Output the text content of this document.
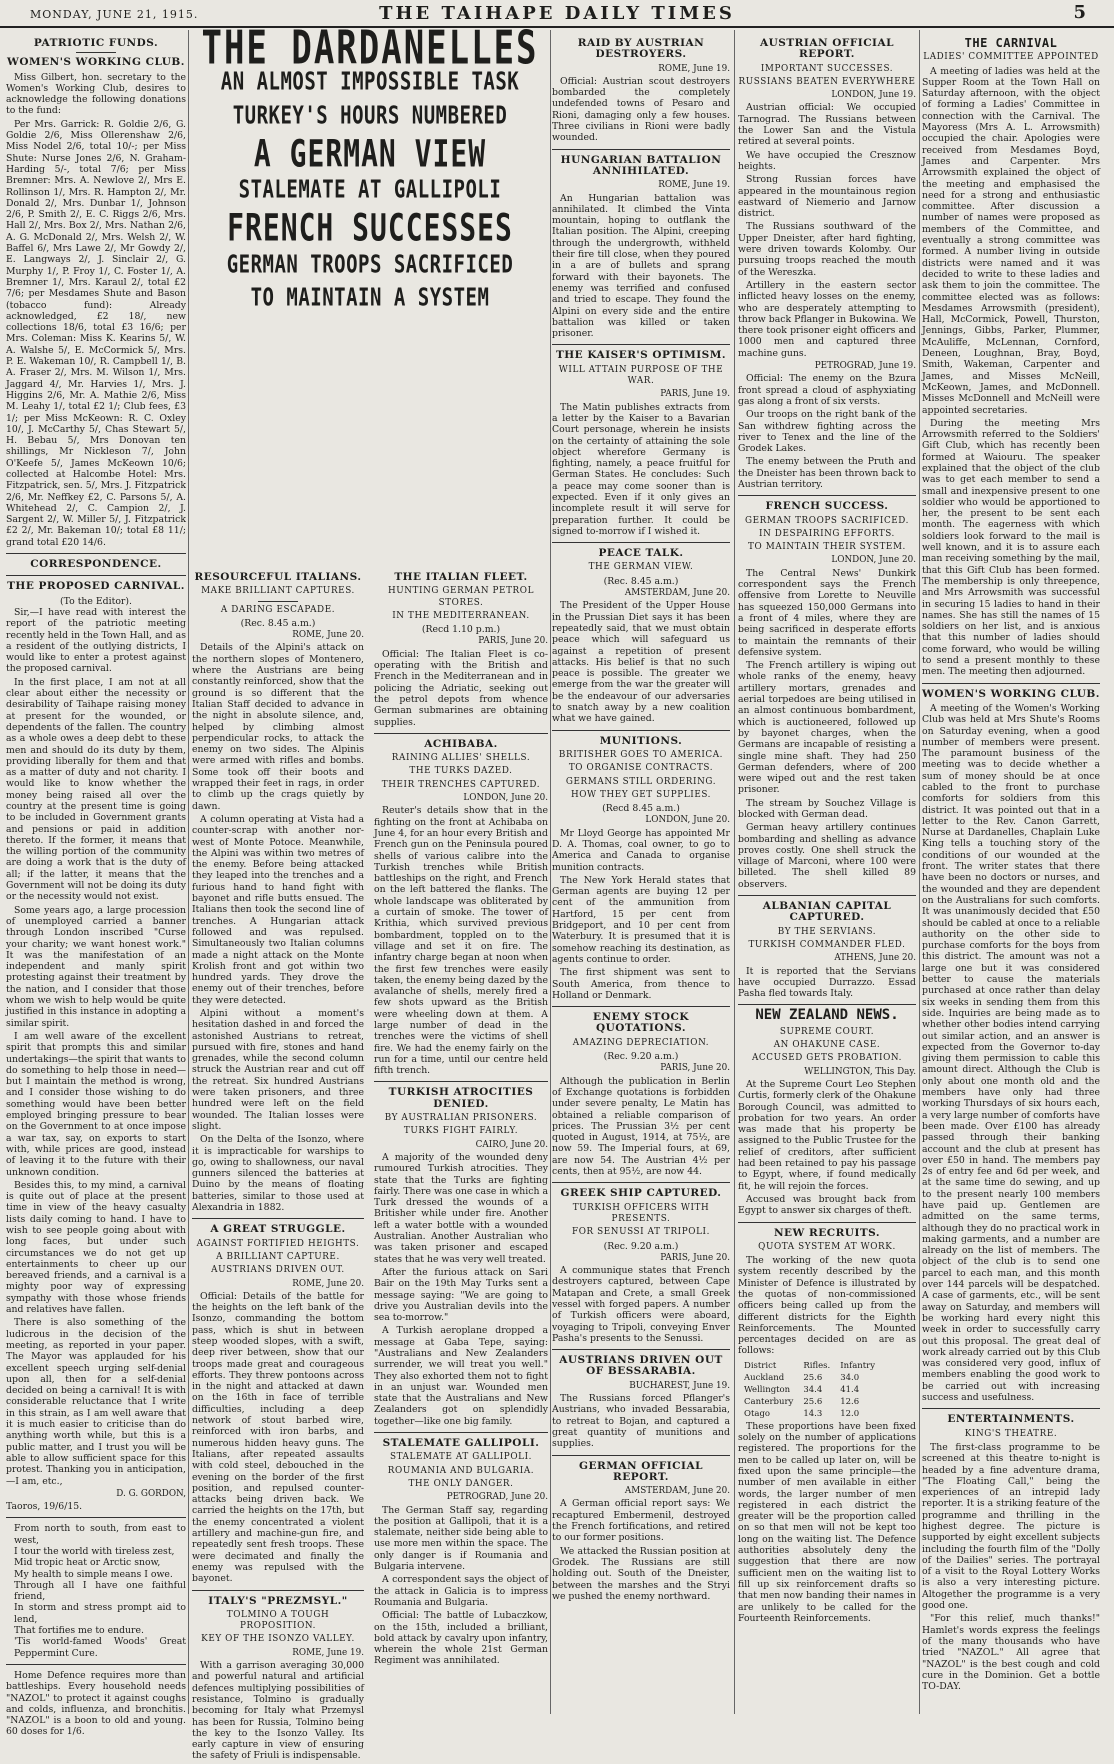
MONDAY, JUNE 21, 1915.	THE TAIHAPE DAILY TIMES	5
PATRIOTIC FUNDS.
WOMEN'S WORKING CLUB.

Miss Gilbert, hon. secretary to the Women's Working Club, desires to acknowledge the following donations to the fund:

Per Mrs. Garrick: R. Goldie 2/6, G. Goldie 2/6, Miss Ollerenshaw 2/6, Miss Nodel 2/6, total 10/-; per Miss Shute: Nurse Jones 2/6, N. Graham-Harding 5/-, total 7/6; per Miss Bremner: Mrs. A. Newlove 2/, Mrs E. Rollinson 1/, Mrs. R. Hampton 2/, Mr. Donald 2/, Mrs. Dunbar 1/, Johnson 2/6, P. Smith 2/, E. C. Riggs 2/6, Mrs. Hall 2/, Mrs. Box 2/, Mrs. Nathan 2/6, A. G. McDonald 2/, Mrs. Welsh 2/, W. Baffel 6/, Mrs Lawe 2/, Mr Gowdy 2/, E. Langways 2/, J. Sinclair 2/, G. Murphy 1/, P. Froy 1/, C. Foster 1/, A. Bremner 1/, Mrs. Karaul 2/, total £2 7/6; per Mesdames Shute and Bason (tobacco fund): Already acknowledged, £2 18/, new collections 18/6, total £3 16/6; per Mrs. Coleman: Miss K. Kearins 5/, W. A. Walshe 5/, E. McCormick 5/, Mrs. P. E. Wakeman 10/, R. Campbell 1/, B. A. Fraser 2/, Mrs. M. Wilson 1/, Mrs. Jaggard 4/, Mr. Harvies 1/, Mrs. J. Higgins 2/6, Mr. A. Mathie 2/6, Miss M. Leahy 1/, total £2 1/; Club fees, £3 1/; per Miss McKeown: R. C. Oxley 10/, J. McCarthy 5/, Chas Stewart 5/, H. Bebau 5/, Mrs Donovan ten shillings, Mr Nickleson 7/, John O'Keefe 5/, James McKeown 10/6; collected at Halcombe Hotel: Mrs. Fitzpatrick, sen. 5/, Mrs. J. Fitzpatrick 2/6, Mr. Neffkey £2, C. Parsons 5/, A. Whitehead 2/, C. Campion 2/, J. Sargent 2/, W. Miller 5/, J. Fitzpatrick £2 2/, Mr. Bakeman 10/; total £8 11/; grand total £20 14/6.

CORRESPONDENCE.
THE PROPOSED CARNIVAL.
(To the Editor).

Sir,—I have read with interest the report of the patriotic meeting recently held in the Town Hall, and as a resident of the outlying districts, I would like to enter a protest against the proposed carnival.

In the first place, I am not at all clear about either the necessity or desirability of Taihape raising money at present for the wounded, or dependents of the fallen. The country as a whole owes a deep debt to these men and should do its duty by them, providing liberally for them and that as a matter of duty and not charity. I would like to know whether the money being raised all over the country at the present time is going to be included in Government grants and pensions or paid in addition thereto. If the former, it means that the willing portion of the community are doing a work that is the duty of all; if the latter, it means that the Government will not be doing its duty or the necessity would not exist.

Some years ago, a large procession of unemployed carried a banner through London inscribed "Curse your charity; we want honest work." It was the manifestation of an independent and manly spirit protesting against their treatment by the nation, and I consider that those whom we wish to help would be quite justified in this instance in adopting a similar spirit.

I am well aware of the excellent spirit that prompts this and similar undertakings—the spirit that wants to do something to help those in need—but I maintain the method is wrong, and I consider those wishing to do something would have been better employed bringing pressure to bear on the Government to at once impose a war tax, say, on exports to start with, while prices are good, instead of leaving it to the future with their unknown condition.

Besides this, to my mind, a carnival is quite out of place at the present time in view of the heavy casualty lists daily coming to hand. I have to wish to see people going about with long faces, but under such circumstances we do not get up entertainments to cheer up our bereaved friends, and a carnival is a mighty poor way of expressing sympathy with those whose friends and relatives have fallen.

There is also something of the ludicrous in the decision of the meeting, as reported in your paper. The Mayor was applauded for his excellent speech urging self-denial upon all, then for a self-denial decided on being a carnival! It is with considerable reluctance that I write in this strain, as I am well aware that it is much easier to criticise than do anything worth while, but this is a public matter, and I trust you will be able to allow sufficient space for this protest. Thanking you in anticipation,—I am, etc.,

D. G. GORDON,
Taoros, 19/6/15.
From north to south, from east to west,
I tour the world with tireless zest,
Mid tropic heat or Arctic snow,
My health to simple means I owe.
Through all I have one faithful friend,
In storm and stress prompt aid to lend,
That fortifies me to endure.
'Tis world-famed Woods' Great Peppermint Cure.

Home Defence requires more than battleships. Every household needs "NAZOL" to protect it against coughs and colds, influenza, and bronchitis. "NAZOL" is a boon to old and young. 60 doses for 1/6.

THE DARDANELLES
AN ALMOST IMPOSSIBLE TASK
TURKEY'S HOURS NUMBERED
A GERMAN VIEW
STALEMATE AT GALLIPOLI
FRENCH SUCCESSES
GERMAN TROOPS SACRIFICED
TO MAINTAIN A SYSTEM
RESOURCEFUL ITALIANS.
MAKE BRILLIANT CAPTURES.
A DARING ESCAPADE.
(Rec. 8.45 a.m.)
ROME, June 20.

Details of the Alpini's attack on the northern slopes of Montenero, where the Austrians are being constantly reinforced, show that the ground is so different that the Italian Staff decided to advance in the night in absolute silence, and, helped by climbing almost perpendicular rocks, to attack the enemy on two sides. The Alpinis were armed with rifles and bombs. Some took off their boots and wrapped their feet in rags, in order to climb up the crags quietly by dawn.

A column operating at Vista had a counter-scrap with another nor-west of Monte Potoce. Meanwhile, the Alpini was within two metres of the enemy. Before being attacked they leaped into the trenches and a furious hand to hand fight with bayonet and rifle butts ensued. The Italians then took the second line of trenches. A Hungarian attack followed and was repulsed. Simultaneously two Italian columns made a night attack on the Monte Krolish front and got within two hundred yards. They drove the enemy out of their trenches, before they were detected.

Alpini without a moment's hesitation dashed in and forced the astonished Austrians to retreat, pursued with fire, stones and hand grenades, while the second column struck the Austrian rear and cut off the retreat. Six hundred Austrians were taken prisoners, and three hundred were left on the field wounded. The Italian losses were slight.

On the Delta of the Isonzo, where it is impracticable for warships to go, owing to shallowness, our naval gunners silenced the batteries at Duino by the means of floating batteries, similar to those used at Alexandria in 1882.

A GREAT STRUGGLE.
AGAINST FORTIFIED HEIGHTS.
A BRILLIANT CAPTURE.
AUSTRIANS DRIVEN OUT.
ROME, June 20.

Official: Details of the battle for the heights on the left bank of the Isonzo, commanding the bottom pass, which is shut in between steep wooded slopes, with a swift, deep river between, show that our troops made great and courageous efforts. They threw pontoons across in the night and attacked at dawn on the 16th in face of terrible difficulties, including a deep network of stout barbed wire, reinforced with iron barbs, and numerous hidden heavy guns. The Italians, after repeated assaults with cold steel, debouched in the evening on the border of the first position, and repulsed counter-attacks being driven back. We carried the heights on the 17th, but the enemy concentrated a violent artillery and machine-gun fire, and repeatedly sent fresh troops. These were decimated and finally the enemy was repulsed with the bayonet.

ITALY'S "PREZMSYL."
TOLMINO A TOUGH PROPOSITION.
KEY OF THE ISONZO VALLEY.
ROME, June 19.

With a garrison averaging 30,000 and powerful natural and artificial defences multiplying possibilities of resistance, Tolmino is gradually becoming for Italy what Przemysl has been for Russia, Tolmino being the key to the Isonzo Valley. Its early capture in view of ensuring the safety of Friuli is indispensable.

THE ITALIAN FLEET.
HUNTING GERMAN PETROL STORES.
IN THE MEDITERRANEAN.
(Recd 1.10 p.m.)
PARIS, June 20.

Official: The Italian Fleet is co-operating with the British and French in the Mediterranean and in policing the Adriatic, seeking out the petrol depots from whence German submarines are obtaining supplies.

ACHIBABA.
RAINING ALLIES' SHELLS.
THE TURKS DAZED.
THEIR TRENCHES CAPTURED.
LONDON, June 20.

Reuter's details show that in the fighting on the front at Achibaba on June 4, for an hour every British and French gun on the Peninsula poured shells of various calibre into the Turkish trenches while British battleships on the right, and French on the left battered the flanks. The whole landscape was obliterated by a curtain of smoke. The tower of Krithia, which survived previous bombardment, toppled on to the village and set it on fire. The infantry charge began at noon when the first few trenches were easily taken, the enemy being dazed by the avalanche of shells, merely fired a few shots upward as the British were wheeling down at them. A large number of dead in the trenches were the victims of shell fire. We had the enemy fairly on the run for a time, until our centre held fifth trench.

TURKISH ATROCITIES DENIED.
BY AUSTRALIAN PRISONERS.
TURKS FIGHT FAIRLY.
CAIRO, June 20.

A majority of the wounded deny rumoured Turkish atrocities. They state that the Turks are fighting fairly. There was one case in which a Turk dressed the wounds of a Britisher while under fire. Another left a water bottle with a wounded Australian. Another Australian who was taken prisoner and escaped states that he was very well treated.

After the furious attack on Sari Bair on the 19th May Turks sent a message saying: "We are going to drive you Australian devils into the sea to-morrow."

A Turkish aeroplane dropped a message at Gaba Tepe, saying: "Australians and New Zealanders surrender, we will treat you well." They also exhorted them not to fight in an unjust war. Wounded men state that the Australians and New Zealanders got on splendidly together—like one big family.

STALEMATE GALLIPOLI.
STALEMATE AT GALLIPOLI.
ROUMANIA AND BULGARIA.
THE ONLY DANGER.
PETROGRAD, June 20.

The German Staff say, regarding the position at Gallipoli, that it is a stalemate, neither side being able to use more men within the space. The only danger is if Roumania and Bulgaria intervene.

A correspondent says the object of the attack in Galicia is to impress Roumania and Bulgaria.

Official: The battle of Lubaczkow, on the 15th, included a brilliant, bold attack by cavalry upon infantry, wherein the whole 21st German Regiment was annihilated.

RAID BY AUSTRIAN DESTROYERS.
ROME, June 19.

Official: Austrian scout destroyers bombarded the completely undefended towns of Pesaro and Rioni, damaging only a few houses. Three civilians in Rioni were badly wounded.

HUNGARIAN BATTALION ANNIHILATED.
ROME, June 19.

An Hungarian battalion was annihilated. It climbed the Vinta mountain, hoping to outflank the Italian position. The Alpini, creeping through the undergrowth, withheld their fire till close, when they poured in a are of bullets and sprang forward with their bayonets. The enemy was terrified and confused and tried to escape. They found the Alpini on every side and the entire battalion was killed or taken prisoner.

THE KAISER'S OPTIMISM.
WILL ATTAIN PURPOSE OF THE WAR.
PARIS, June 19.

The Matin publishes extracts from a letter by the Kaiser to a Bavarian Court personage, wherein he insists on the certainty of attaining the sole object wherefore Germany is fighting, namely, a peace fruitful for German States. He concludes: Such a peace may come sooner than is expected. Even if it only gives an incomplete result it will serve for preparation further. It could be signed to-morrow if I wished it.

PEACE TALK.
THE GERMAN VIEW.
(Rec. 8.45 a.m.)
AMSTERDAM, June 20.

The President of the Upper House in the Prussian Diet says it has been repeatedly said, that we must obtain peace which will safeguard us against a repetition of present attacks. His belief is that no such peace is possible. The greater we emerge from the war the greater will be the endeavour of our adversaries to snatch away by a new coalition what we have gained.

MUNITIONS.
BRITISHER GOES TO AMERICA.
TO ORGANISE CONTRACTS.
GERMANS STILL ORDERING.
HOW THEY GET SUPPLIES.
(Recd 8.45 a.m.)
LONDON, June 20.

Mr Lloyd George has appointed Mr D. A. Thomas, coal owner, to go to America and Canada to organise munition contracts.

The New York Herald states that German agents are buying 12 per cent of the ammunition from Hartford, 15 per cent from Bridgeport, and 10 per cent from Waterbury. It is presumed that it is somehow reaching its destination, as agents continue to order.

The first shipment was sent to South America, from thence to Holland or Denmark.

ENEMY STOCK QUOTATIONS.
AMAZING DEPRECIATION.
(Rec. 9.20 a.m.)
PARIS, June 20.

Although the publication in Berlin of Exchange quotations is forbidden under severe penalty, Le Matin has obtained a reliable comparison of prices. The Prussian 3½ per cent quoted in August, 1914, at 75½, are now 59. The Imperial fours, at 69, are now 54. The Austrian 4½ per cents, then at 95½, are now 44.

GREEK SHIP CAPTURED.
TURKISH OFFICERS WITH PRESENTS.
FOR SENUSSI AT TRIPOLI.
(Rec. 9.20 a.m.)
PARIS, June 20.

A communique states that French destroyers captured, between Cape Matapan and Crete, a small Greek vessel with forged papers. A number of Turkish officers were aboard, voyaging to Tripoli, conveying Enver Pasha's presents to the Senussi.

AUSTRIANS DRIVEN OUT OF BESSARABIA.
BUCHAREST, June 19.

The Russians forced Pflanger's Austrians, who invaded Bessarabia, to retreat to Bojan, and captured a great quantity of munitions and supplies.

GERMAN OFFICIAL REPORT.
AMSTERDAM, June 20.

A German official report says: We recaptured Embermenil, destroyed the French fortifications, and retired to our former positions.

We attacked the Russian position at Grodek. The Russians are still holding out. South of the Dneister, between the marshes and the Stryi we pushed the enemy northward.

AUSTRIAN OFFICIAL REPORT.
IMPORTANT SUCCESSES.
RUSSIANS BEATEN EVERYWHERE
LONDON, June 19.

Austrian official: We occupied Tarnograd. The Russians between the Lower San and the Vistula retired at several points.

We have occupied the Cresznow heights.

Strong Russian forces have appeared in the mountainous region eastward of Niemerio and Jarnow district.

The Russians southward of the Upper Dneister, after hard fighting, were driven towards Kolomby. Our pursuing troops reached the mouth of the Wereszka.

Artillery in the eastern sector inflicted heavy losses on the enemy, who are desperately attempting to throw back Pflanger in Bukowina. We there took prisoner eight officers and 1000 men and captured three machine guns.

PETROGRAD, June 19.

Official: The enemy on the Bzura front spread a cloud of asphyxiating gas along a front of six versts.

Our troops on the right bank of the San withdrew fighting across the river to Tenex and the line of the Grodek Lakes.

The enemy between the Pruth and the Dneister has been thrown back to Austrian territory.

FRENCH SUCCESS.
GERMAN TROOPS SACRIFICED.
IN DESPAIRING EFFORTS.
TO MAINTAIN THEIR SYSTEM.
LONDON, June 20.

The Central News' Dunkirk correspondent says the French offensive from Lorette to Neuville has squeezed 150,000 Germans into a front of 4 miles, where they are being sacrificed in desperate efforts to maintain the remnants of their defensive system.

The French artillery is wiping out whole ranks of the enemy, heavy artillery mortars, grenades and aerial torpedoes are being utilised in an almost continuous bombardment, which is auctioneered, followed up by bayonet charges, when the Germans are incapable of resisting a single mine shaft. They had 250 German defenders, where of 200 were wiped out and the rest taken prisoner.

The stream by Souchez Village is blocked with German dead.

German heavy artillery continues bombarding and shelling as advance proves costly. One shell struck the village of Marconi, where 100 were billeted. The shell killed 89 observers.

ALBANIAN CAPITAL CAPTURED.
BY THE SERVIANS.
TURKISH COMMANDER FLED.
ATHENS, June 20.

It is reported that the Servians have occupied Durrazzo. Essad Pasha fled towards Italy.

NEW ZEALAND NEWS.
SUPREME COURT.
AN OHAKUNE CASE.
ACCUSED GETS PROBATION.
WELLINGTON, This Day.

At the Supreme Court Leo Stephen Curtis, formerly clerk of the Ohakune Borough Council, was admitted to probation for two years. An order was made that his property be assigned to the Public Trustee for the relief of creditors, after sufficient had been retained to pay his passage to Egypt, where, if found medically fit, he will rejoin the forces.

Accused was brought back from Egypt to answer six charges of theft.

NEW RECRUITS.
QUOTA SYSTEM AT WORK.

The working of the new quota system recently described by the Minister of Defence is illustrated by the quotas of non-commissioned officers being called up from the different districts for the Eighth Reinforcements. The Mounted percentages decided on are as follows:

District	Rifles.	Infantry
Auckland	25.6	34.0
Wellington	34.4	41.4
Canterbury	25.6	12.6
Otago	14.3	12.0

These proportions have been fixed solely on the number of applications registered. The proportions for the men to be called up later on, will be fixed upon the same principle—the number of men available in either words, the larger number of men registered in each district the greater will be the proportion called on so that men will not be kept too long on the waiting list. The Defence authorities absolutely deny the suggestion that there are now sufficient men on the waiting list to fill up six reinforcement drafts so that men now banding their names in are unlikely to be called for the Fourteenth Reinforcements.

THE CARNIVAL
LADIES' COMMITTEE APPOINTED

A meeting of ladies was held at the Supper Room at the Town Hall on Saturday afternoon, with the object of forming a Ladies' Committee in connection with the Carnival. The Mayoress (Mrs A. L. Arrowsmith) occupied the chair. Apologies were received from Mesdames Boyd, James and Carpenter. Mrs Arrowsmith explained the object of the meeting and emphasised the need for a strong and enthusiastic committee. After discussion a number of names were proposed as members of the Committee, and eventually a strong committee was formed. A number living in outside districts were named and it was decided to write to these ladies and ask them to join the committee. The committee elected was as follows: Mesdames Arrowsmith (president), Hall, McCormick, Powell, Thurston, Jennings, Gibbs, Parker, Plummer, McAuliffe, McLennan, Cornford, Deneen, Loughnan, Bray, Boyd, Smith, Wakeman, Carpenter and James, and Misses McNeill, McKeown, James, and McDonnell. Misses McDonnell and McNeill were appointed secretaries.

During the meeting Mrs Arrowsmith referred to the Soldiers' Gift Club, which has recently been formed at Waiouru. The speaker explained that the object of the club was to get each member to send a small and inexpensive present to one soldier who would be apportioned to her, the present to be sent each month. The eagerness with which soldiers look forward to the mail is well known, and it is to assure each man receiving something by the mail, that this Gift Club has been formed. The membership is only threepence, and Mrs Arrowsmith was successful in securing 15 ladies to hand in their names. She has still the names of 15 soldiers on her list, and is anxious that this number of ladies should come forward, who would be willing to send a present monthly to these men. The meeting then adjourned.

WOMEN'S WORKING CLUB.

A meeting of the Women's Working Club was held at Mrs Shute's Rooms on Saturday evening, when a good number of members were present. The paramount business of the meeting was to decide whether a sum of money should be at once cabled to the front to purchase comforts for soldiers from this district. It was pointed out that in a letter to the Rev. Canon Garrett, Nurse at Dardanelles, Chaplain Luke King tells a touching story of the conditions of our wounded at the front. The writer states that there have been no doctors or nurses, and the wounded and they are dependent on the Australians for such comforts. It was unanimously decided that £50 should be cabled at once to a reliable authority on the other side to purchase comforts for the boys from this district. The amount was not a large one but it was considered better to cause the materials purchased at once rather than delay six weeks in sending them from this side. Inquiries are being made as to whether other bodies intend carrying out similar action, and an answer is expected from the Governor to-day giving them permission to cable this amount direct. Although the Club is only about one month old and the members have only had three working Thursdays of six hours each, a very large number of comforts have been made. Over £100 has already passed through their banking account and the club at present has over £50 in hand. The members pay 2s of entry fee and 6d per week, and at the same time do sewing, and up to the present nearly 100 members have paid up. Gentlemen are admitted on the same terms, although they do no practical work in making garments, and a number are already on the list of members. The object of the club is to send one parcel to each man, and this month over 144 parcels will be despatched. A case of garments, etc., will be sent away on Saturday, and members will be working hard every night this week in order to successfully carry out this proposal. The great deal of work already carried out by this Club was considered very good, influx of members enabling the good work to be carried out with increasing success and usefulness.

ENTERTAINMENTS.
KING'S THEATRE.

The first-class programme to be screened at this theatre to-night is headed by a fine adventure drama, "The Floating Call," being the experiences of an intrepid lady reporter. It is a striking feature of the programme and thrilling in the highest degree. The picture is supported by eight excellent subjects including the fourth film of the "Dolly of the Dailies" series. The portrayal of a visit to the Royal Lottery Works is also a very interesting picture. Altogether the programme is a very good one.

"For this relief, much thanks!" Hamlet's words express the feelings of the many thousands who have tried "NAZOL." All agree that "NAZOL" is the best cough and cold cure in the Dominion. Get a bottle TO-DAY.
